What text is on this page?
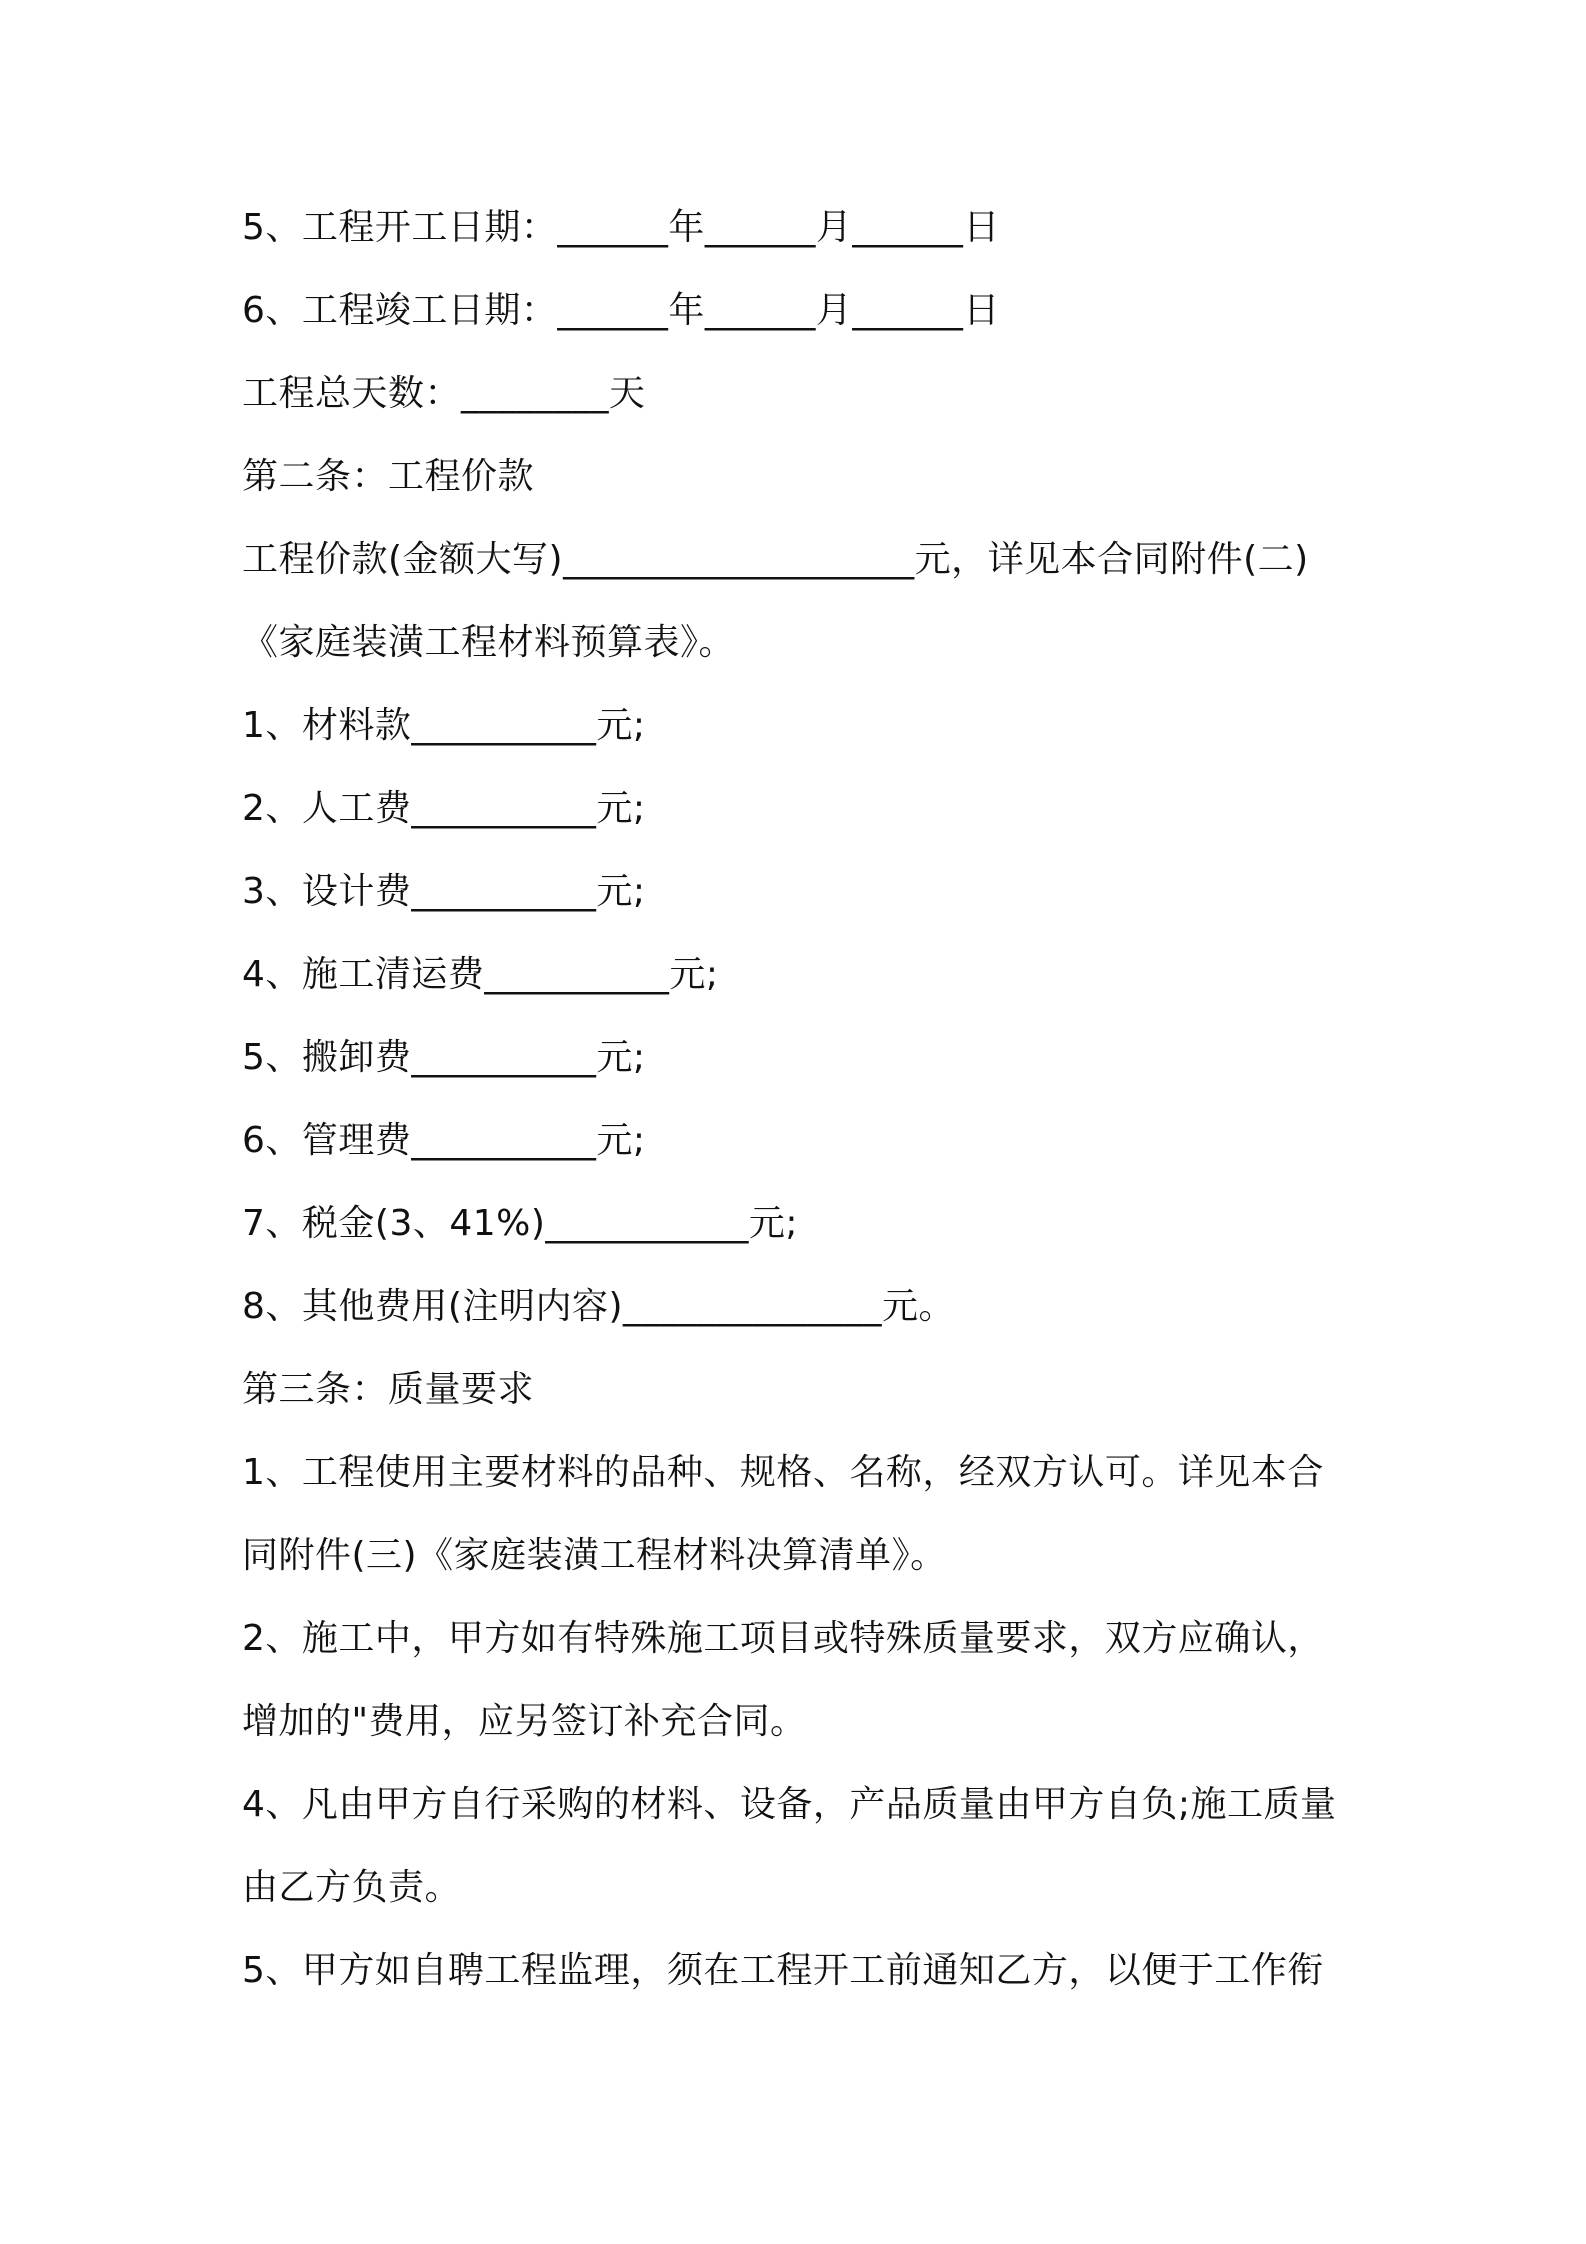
5、工程开工日期：______年______月______日
6、工程竣工日期：______年______月______日
工程总天数：________天
第二条：工程价款
工程价款(金额大写)___________________元，详见本合同附件(二)
《家庭装潢工程材料预算表》。
1、材料款__________元;
2、人工费__________元;
3、设计费__________元;
4、施工清运费__________元;
5、搬卸费__________元;
6、管理费__________元;
7、税金(3、41%)___________元;
8、其他费用(注明内容)______________元。
第三条：质量要求
1、工程使用主要材料的品种、规格、名称，经双方认可。详见本合
同附件(三)《家庭装潢工程材料决算清单》。
2、施工中，甲方如有特殊施工项目或特殊质量要求，双方应确认，
增加的"费用，应另签订补充合同。
4、凡由甲方自行采购的材料、设备，产品质量由甲方自负;施工质量
由乙方负责。
5、甲方如自聘工程监理，须在工程开工前通知乙方，以便于工作衔
